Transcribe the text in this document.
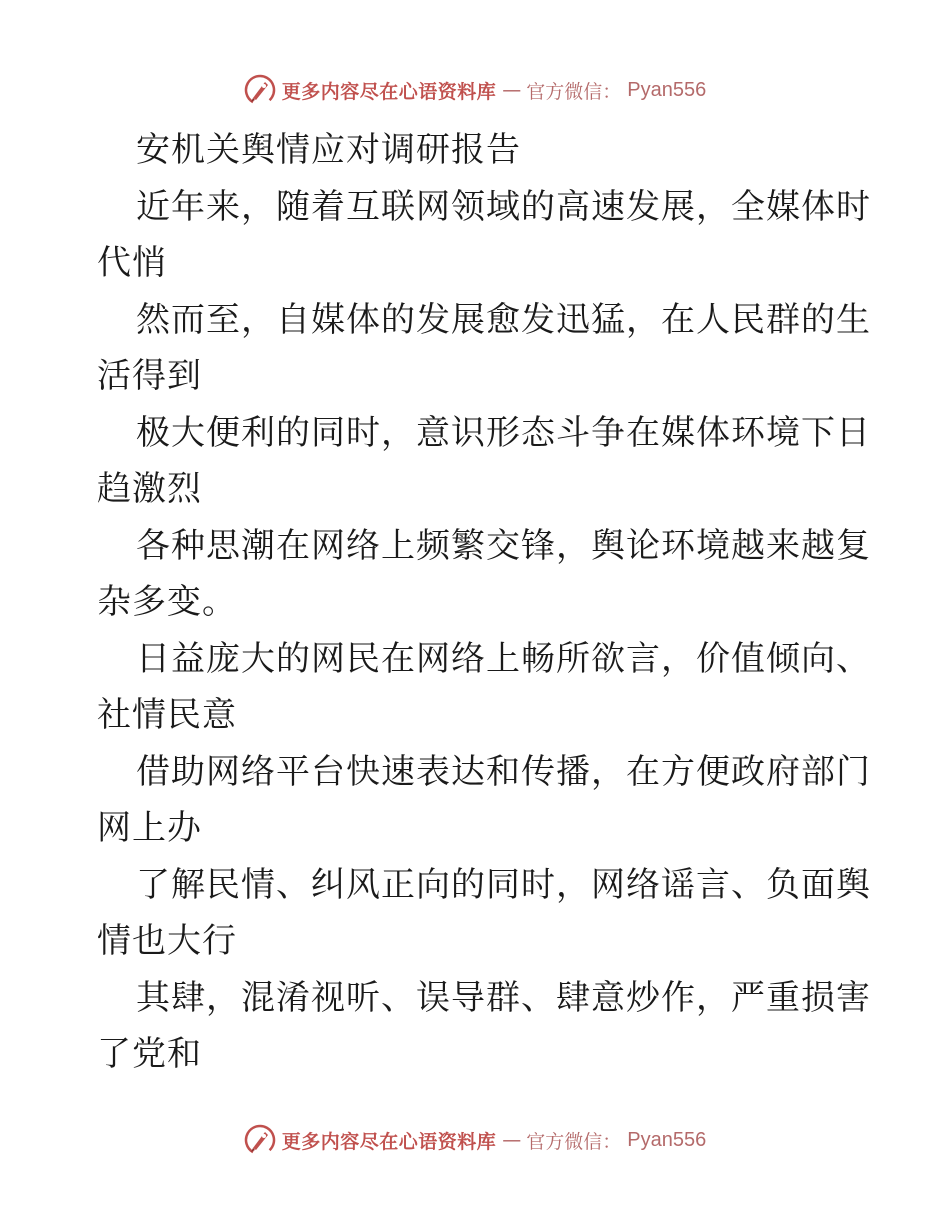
更多内容尽在心语资料库 — 官方微信： Pyan556
安机关舆情应对调研报告
近年来，随着互联网领域的高速发展，全媒体时
代悄
然而至，自媒体的发展愈发迅猛，在人民群的生
活得到
极大便利的同时，意识形态斗争在媒体环境下日
趋激烈
各种思潮在网络上频繁交锋，舆论环境越来越复
杂多变。
日益庞大的网民在网络上畅所欲言，价值倾向、
社情民意
借助网络平台快速表达和传播，在方便政府部门
网上办
了解民情、纠风正向的同时，网络谣言、负面舆
情也大行
其肆，混淆视听、误导群、肆意炒作，严重损害
了党和
更多内容尽在心语资料库 — 官方微信： Pyan556
